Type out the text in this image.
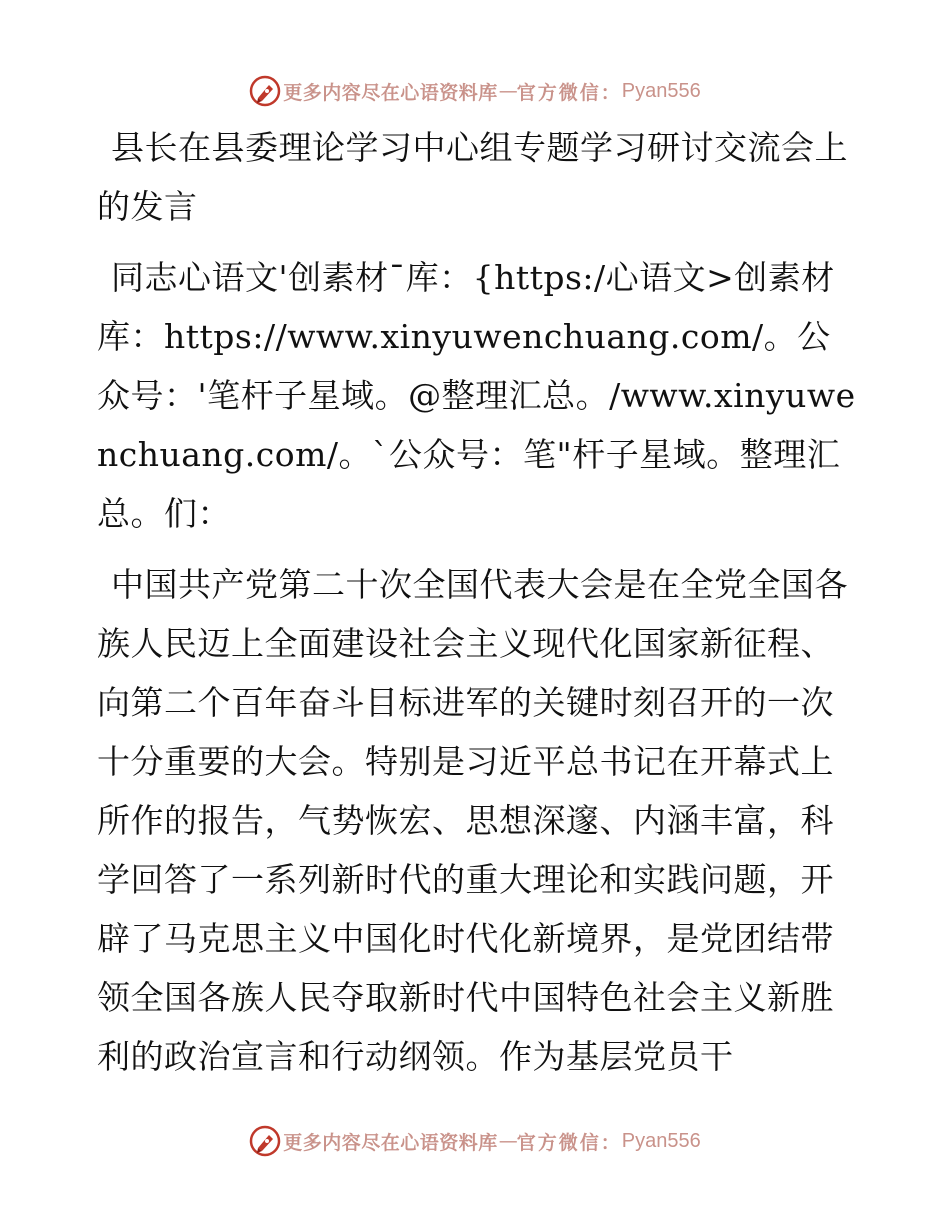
更多内容尽在心语资料库 — 官方微信： Pyan556

县长在县委理论学习中心组专题学习研讨交流会上的发言

同志心语文'创素材¯库：{https:/心语文>创素材库：https://www.xinyuwenchuang.com/。公众号：'笔杆子星域。@整理汇总。/www.xinyuwenchuang.com/。`公众号：笔"杆子星域。整理汇总。们：

中国共产党第二十次全国代表大会是在全党全国各族人民迈上全面建设社会主义现代化国家新征程、向第二个百年奋斗目标进军的关键时刻召开的一次十分重要的大会。特别是习近平总书记在开幕式上所作的报告，气势恢宏、思想深邃、内涵丰富，科学回答了一系列新时代的重大理论和实践问题，开辟了马克思主义中国化时代化新境界，是党团结带领全国各族人民夺取新时代中国特色社会主义新胜利的政治宣言和行动纲领。作为基层党员干

更多内容尽在心语资料库 — 官方微信： Pyan556
